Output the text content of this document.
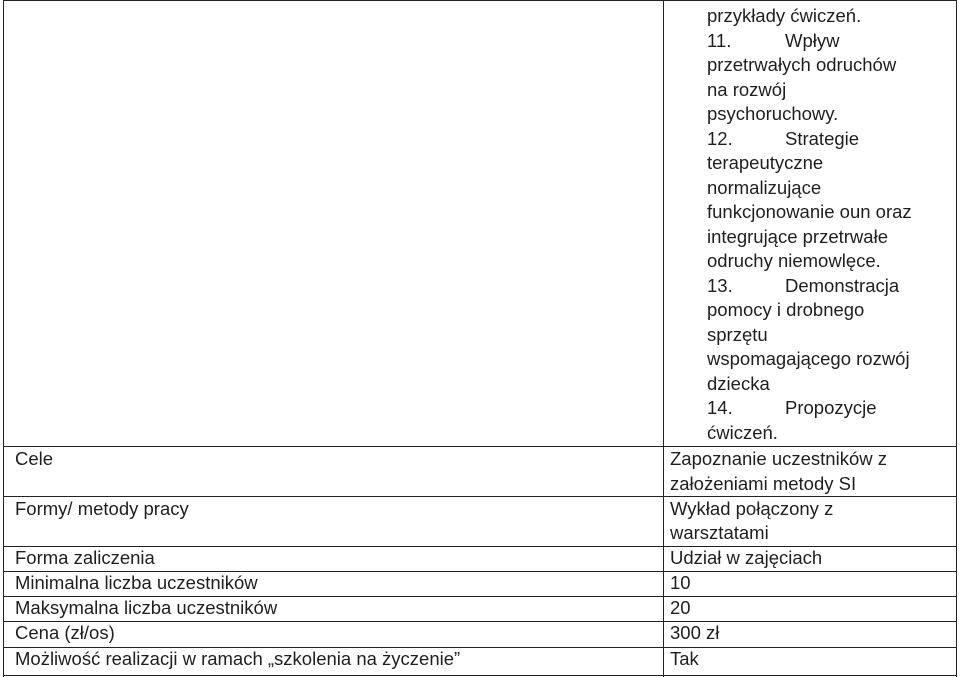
przykłady ćwiczeń.
11.	Wpływ
przetrwałych odruchów
na rozwój
psychoruchowy.
12.	Strategie
terapeutyczne
normalizujące
funkcjonowanie oun oraz
integrujące przetrwałe
odruchy niemowlęce.
13.	Demonstracja
pomocy i drobnego
sprzętu
wspomagającego rozwój
dziecka
14.	Propozycje
ćwiczeń.
Cele	Zapoznanie uczestników z
założeniami metody SI
Formy/ metody pracy	Wykład połączony z
warsztatami
Forma zaliczenia	Udział w zajęciach
Minimalna liczba uczestników	10
Maksymalna liczba uczestników	20
Cena (zł/os)	300 zł
Możliwość realizacji w ramach „szkolenia na życzenie”	Tak
